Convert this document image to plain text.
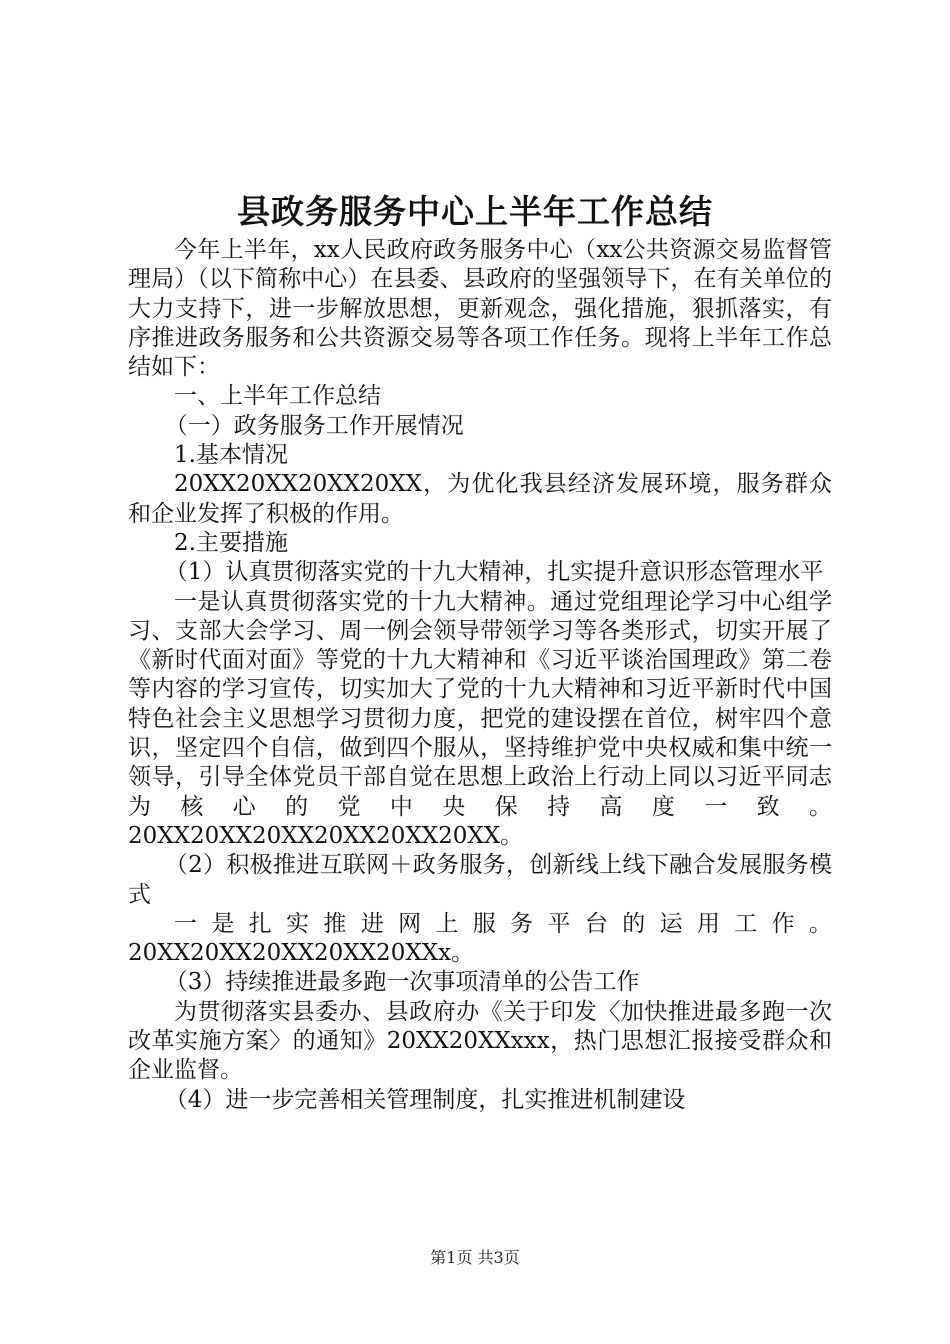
县政务服务中心上半年工作总结

今年上半年，xx人民政府政务服务中心（xx公共资源交易监督管理局）（以下简称中心）在县委、县政府的坚强领导下，在有关单位的大力支持下，进一步解放思想，更新观念，强化措施，狠抓落实，有序推进政务服务和公共资源交易等各项工作任务。现将上半年工作总结如下：

一、上半年工作总结

（一）政务服务工作开展情况

1.基本情况

20XX20XX20XX20XX，为优化我县经济发展环境，服务群众和企业发挥了积极的作用。

2.主要措施

（1）认真贯彻落实党的十九大精神，扎实提升意识形态管理水平

一是认真贯彻落实党的十九大精神。通过党组理论学习中心组学习、支部大会学习、周一例会领导带领学习等各类形式，切实开展了《新时代面对面》等党的十九大精神和《习近平谈治国理政》第二卷等内容的学习宣传，切实加大了党的十九大精神和习近平新时代中国特色社会主义思想学习贯彻力度，把党的建设摆在首位，树牢四个意识，坚定四个自信，做到四个服从，坚持维护党中央权威和集中统一领导，引导全体党员干部自觉在思想上政治上行动上同以习近平同志为核心的党中央保持高度一致。20XX20XX20XX20XX20XX20XX。

（2）积极推进互联网＋政务服务，创新线上线下融合发展服务模式

一是扎实推进网上服务平台的运用工作。

20XX20XX20XX20XX20XXx。

（3）持续推进最多跑一次事项清单的公告工作

为贯彻落实县委办、县政府办《关于印发〈加快推进最多跑一次改革实施方案〉的通知》20XX20XXxxx，热门思想汇报接受群众和企业监督。

（4）进一步完善相关管理制度，扎实推进机制建设

第1页 共3页
